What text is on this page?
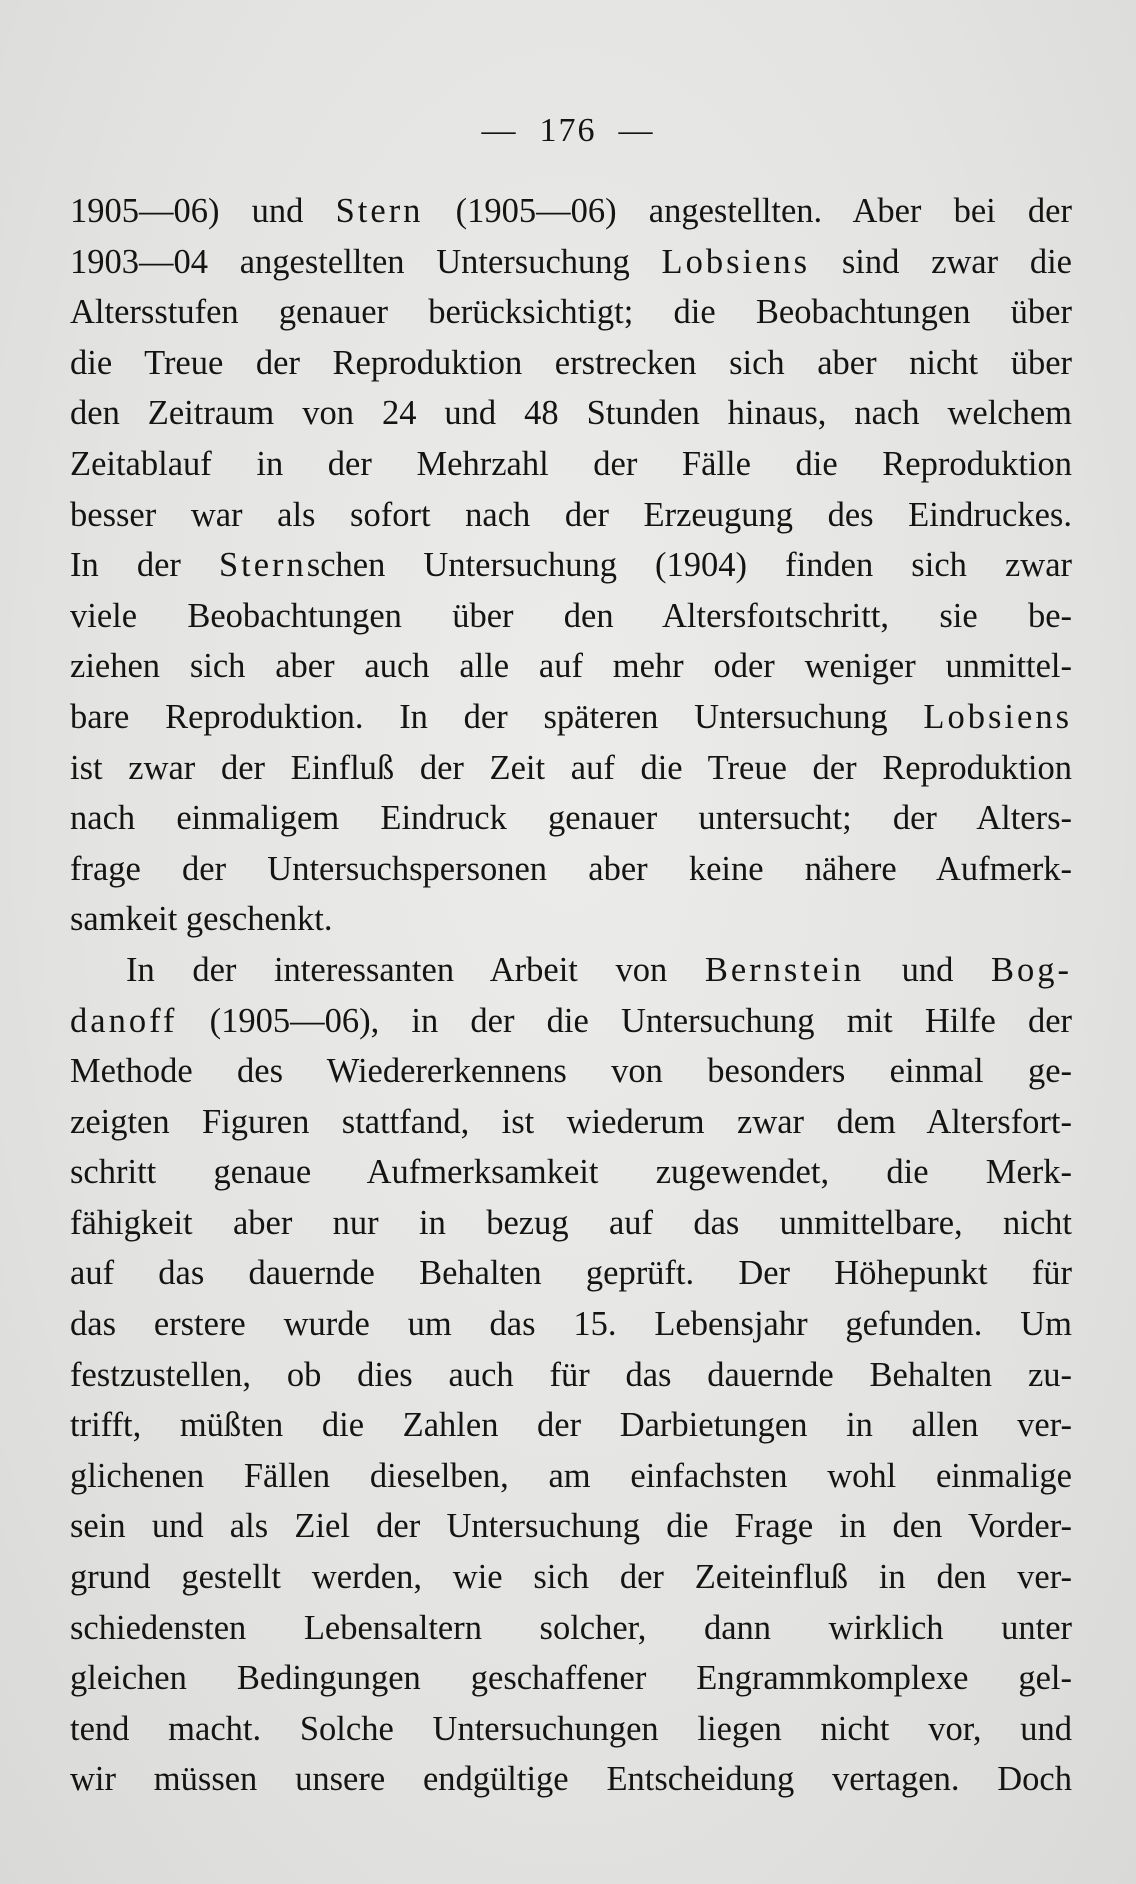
— 176 —
1905—06) und Stern (1905—06) angestellten. Aber bei der
1903—04 angestellten Untersuchung Lobsiens sind zwar die
Altersstufen genauer berücksichtigt; die Beobachtungen über
die Treue der Reproduktion erstrecken sich aber nicht über
den Zeitraum von 24 und 48 Stunden hinaus, nach welchem
Zeitablauf in der Mehrzahl der Fälle die Reproduktion
besser war als sofort nach der Erzeugung des Eindruckes.
In der Sternschen Untersuchung (1904) finden sich zwar
viele Beobachtungen über den Altersfoıtschritt, sie be-
ziehen sich aber auch alle auf mehr oder weniger unmittel-
bare Reproduktion. In der späteren Untersuchung Lobsiens
ist zwar der Einfluß der Zeit auf die Treue der Reproduktion
nach einmaligem Eindruck genauer untersucht; der Alters-
frage der Untersuchspersonen aber keine nähere Aufmerk-
samkeit geschenkt.
In der interessanten Arbeit von Bernstein und Bog-
danoff (1905—06), in der die Untersuchung mit Hilfe der
Methode des Wiedererkennens von besonders einmal ge-
zeigten Figuren stattfand, ist wiederum zwar dem Altersfort-
schritt genaue Aufmerksamkeit zugewendet, die Merk-
fähigkeit aber nur in bezug auf das unmittelbare, nicht
auf das dauernde Behalten geprüft. Der Höhepunkt für
das erstere wurde um das 15. Lebensjahr gefunden. Um
festzustellen, ob dies auch für das dauernde Behalten zu-
trifft, müßten die Zahlen der Darbietungen in allen ver-
glichenen Fällen dieselben, am einfachsten wohl einmalige
sein und als Ziel der Untersuchung die Frage in den Vorder-
grund gestellt werden, wie sich der Zeiteinfluß in den ver-
schiedensten Lebensaltern solcher, dann wirklich unter
gleichen Bedingungen geschaffener Engrammkomplexe gel-
tend macht. Solche Untersuchungen liegen nicht vor, und
wir müssen unsere endgültige Entscheidung vertagen. Doch
